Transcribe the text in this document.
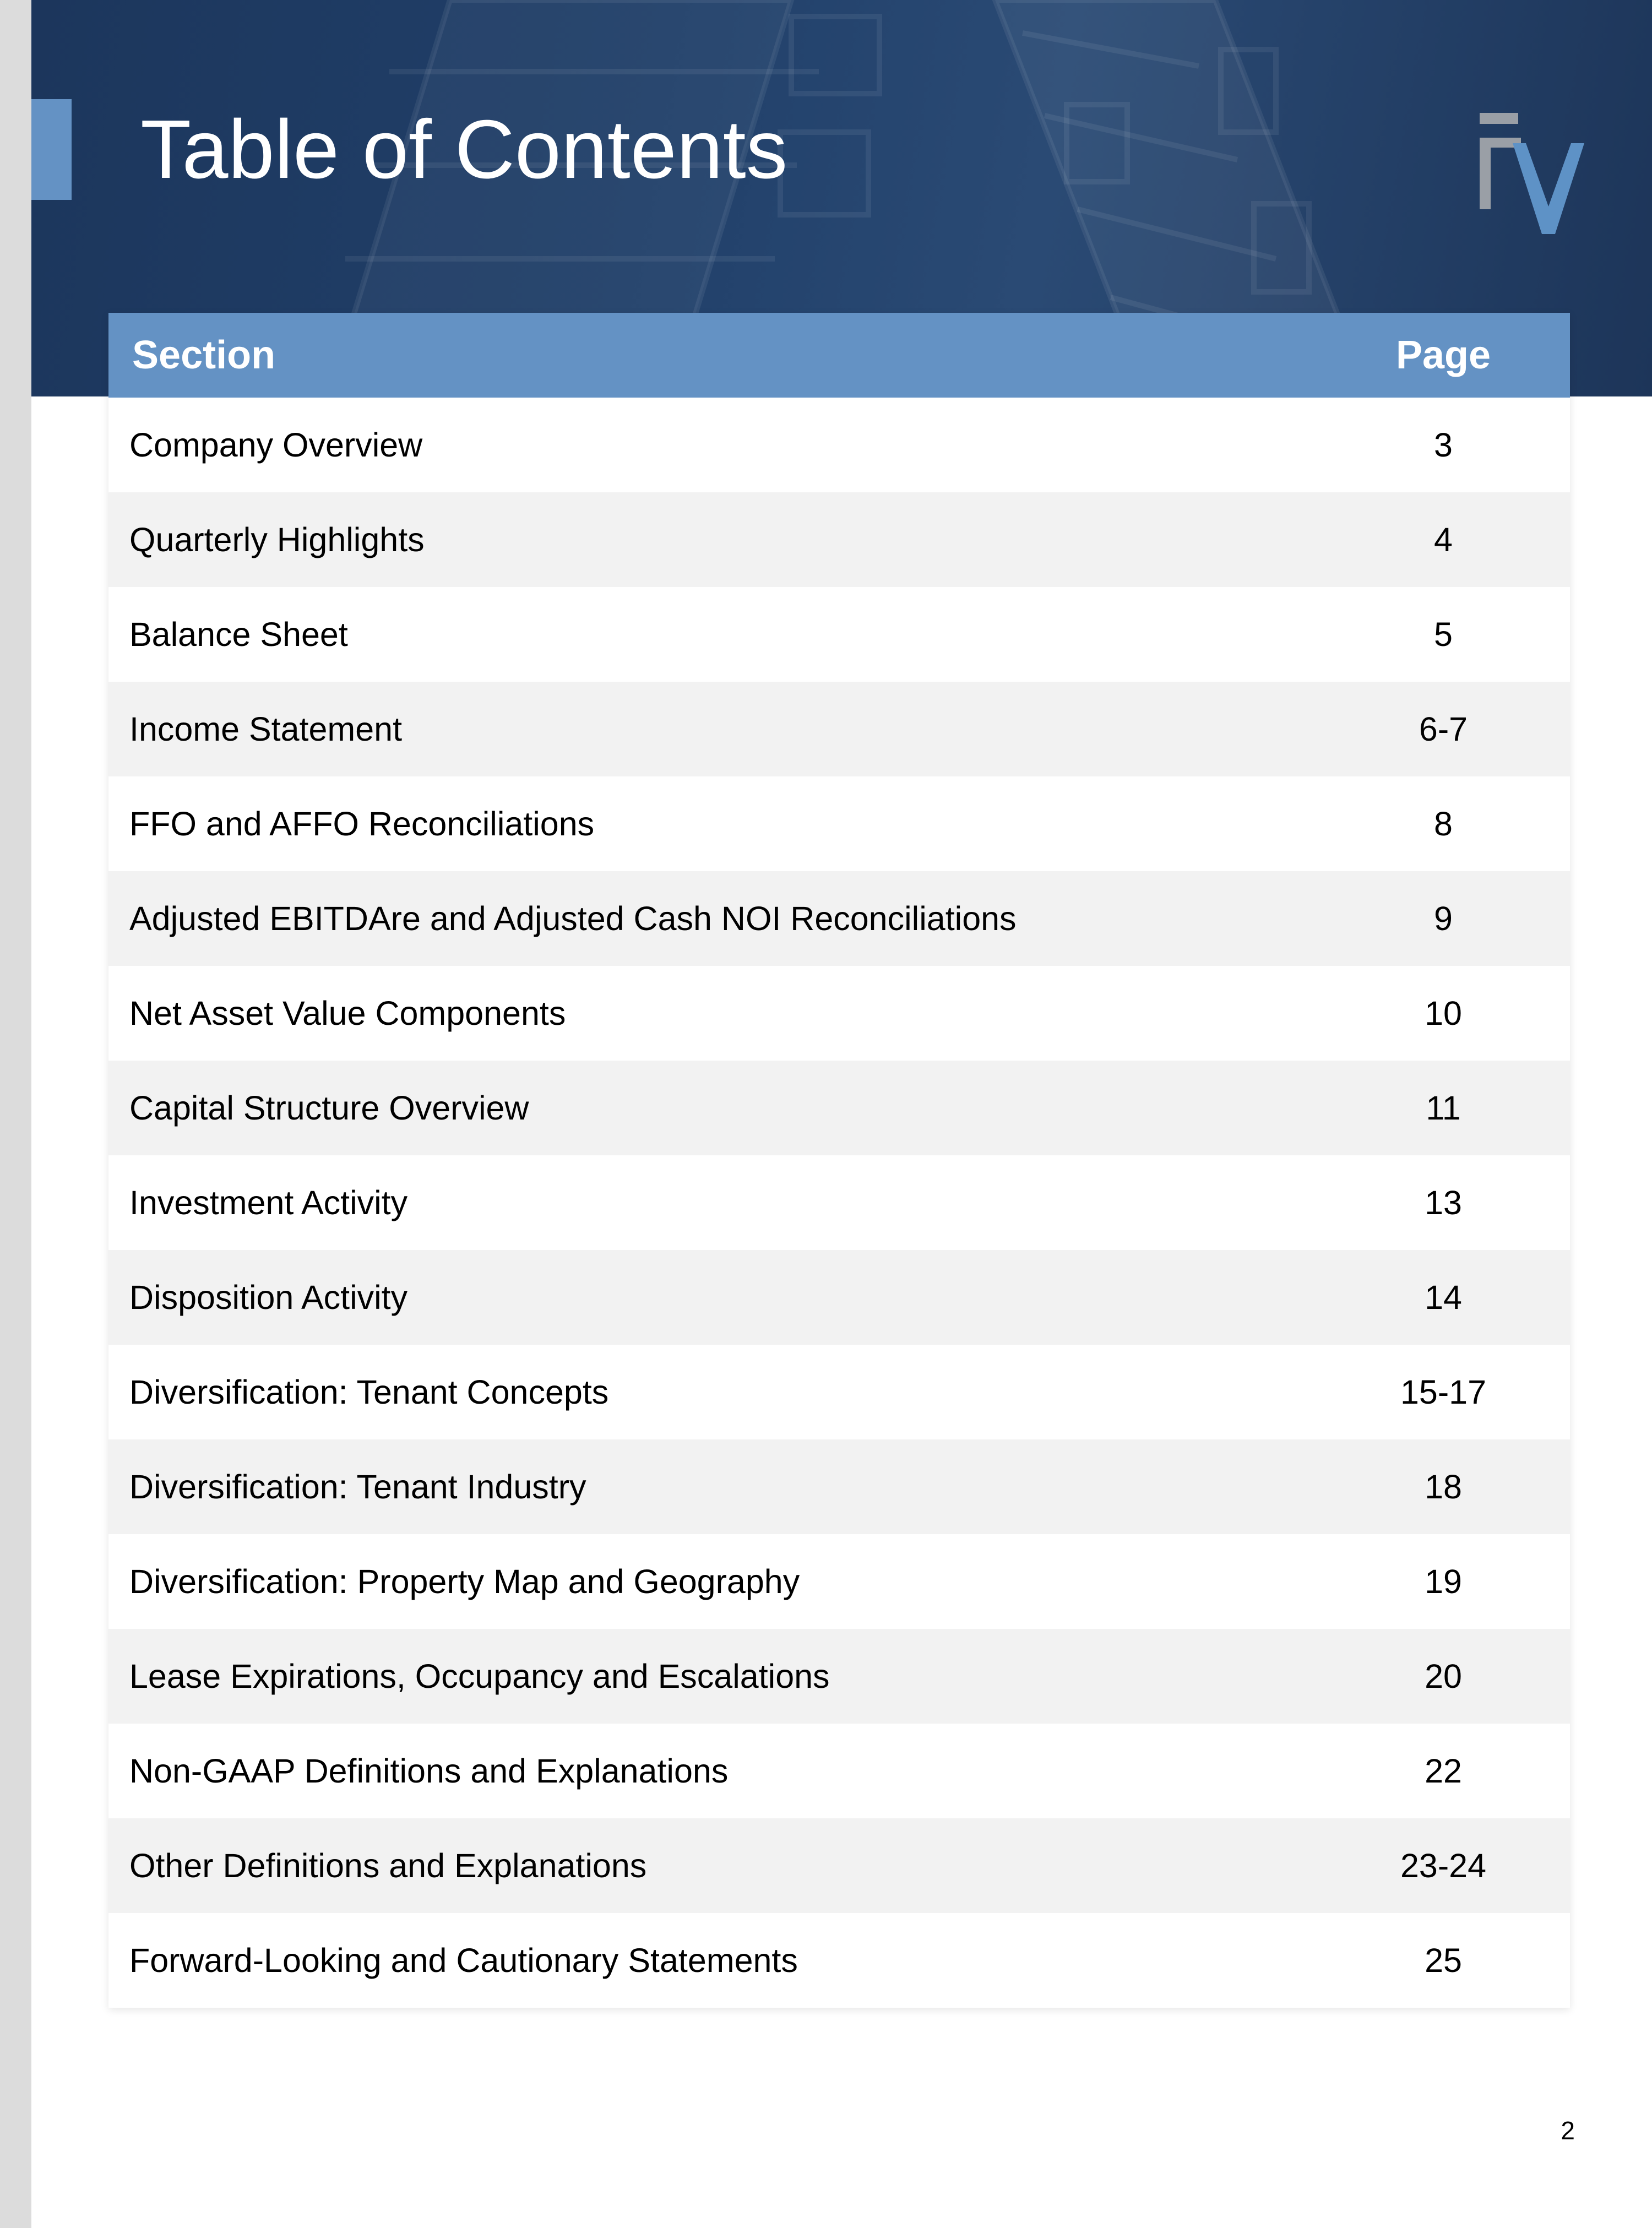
Table of Contents
Section	Page
Company Overview	3
Quarterly Highlights	4
Balance Sheet	5
Income Statement	6-7
FFO and AFFO Reconciliations	8
Adjusted EBITDAre and Adjusted Cash NOI Reconciliations	9
Net Asset Value Components	10
Capital Structure Overview	11
Investment Activity	13
Disposition Activity	14
Diversification: Tenant Concepts	15-17
Diversification: Tenant Industry	18
Diversification: Property Map and Geography	19
Lease Expirations, Occupancy and Escalations	20
Non-GAAP Definitions and Explanations	22
Other Definitions and Explanations	23-24
Forward-Looking and Cautionary Statements	25
2
